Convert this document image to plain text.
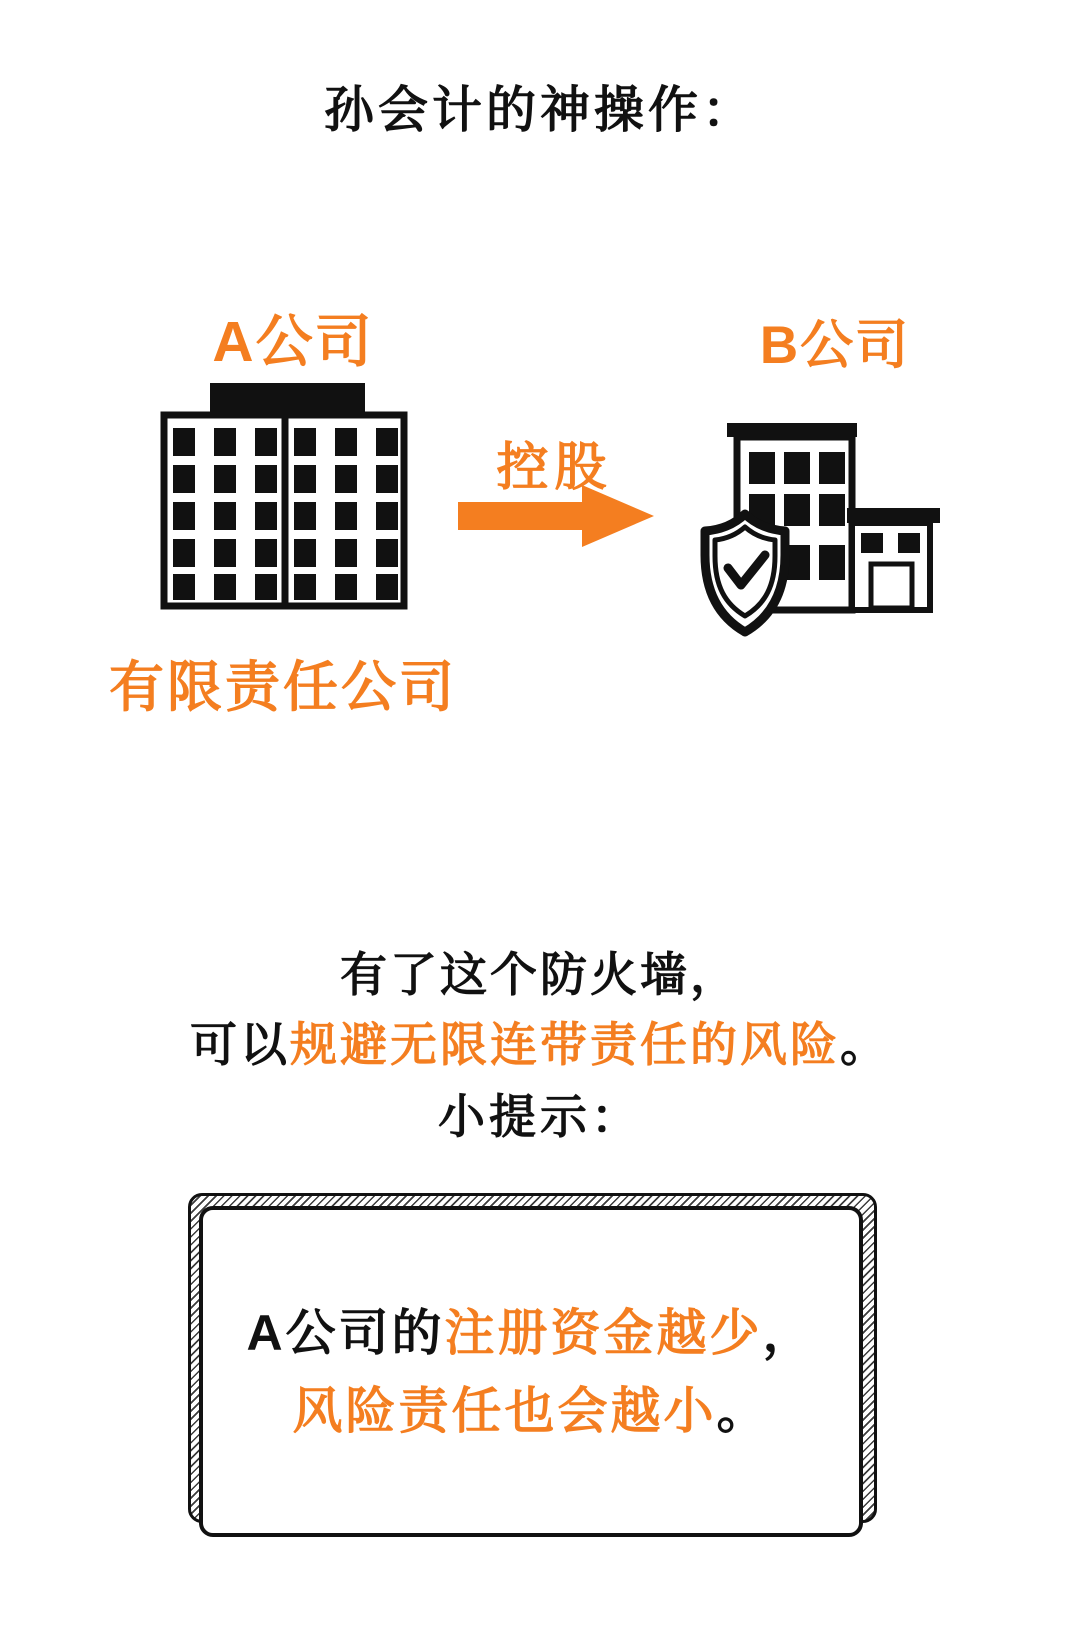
孙会计的神操作：
A公司	B公司
控股
有限责任公司
有了这个防火墙，
可以规避无限连带责任的风险。
小提示：
A公司的注册资金越少，
风险责任也会越小。
